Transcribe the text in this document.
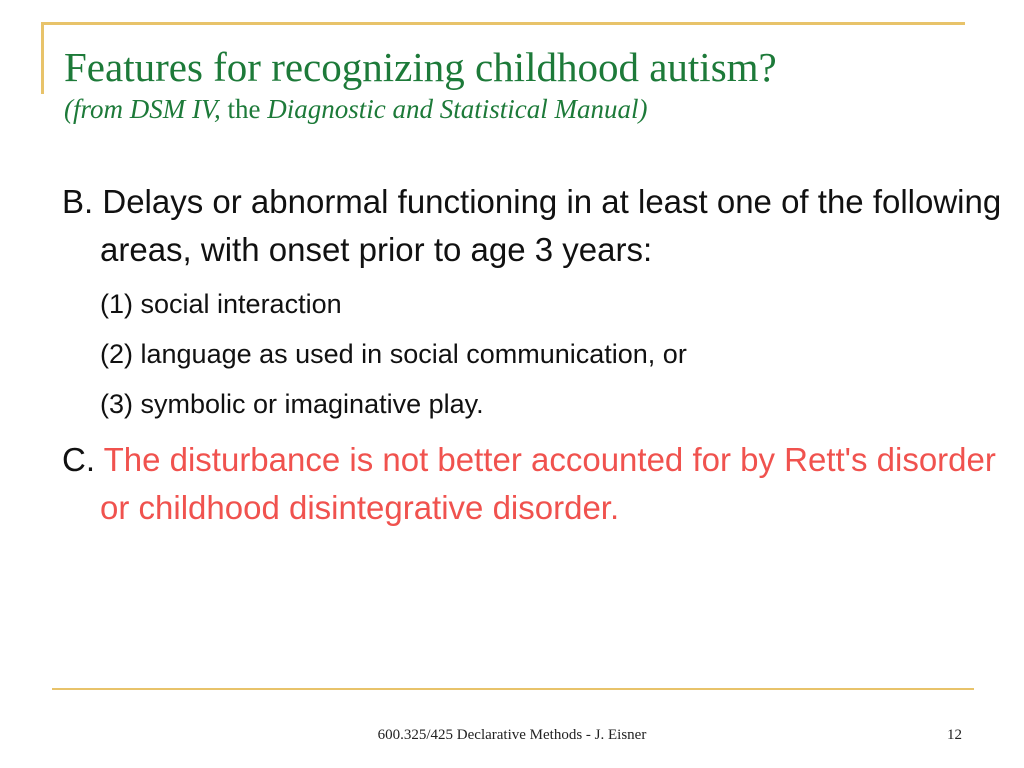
Features for recognizing childhood autism?
(from DSM IV, the Diagnostic and Statistical Manual)
B. Delays or abnormal functioning in at least one of the following areas, with onset prior to age 3 years:
(1) social interaction
(2) language as used in social communication, or
(3) symbolic or imaginative play.
C. The disturbance is not better accounted for by Rett's disorder or childhood disintegrative disorder.
600.325/425 Declarative Methods - J. Eisner	12
